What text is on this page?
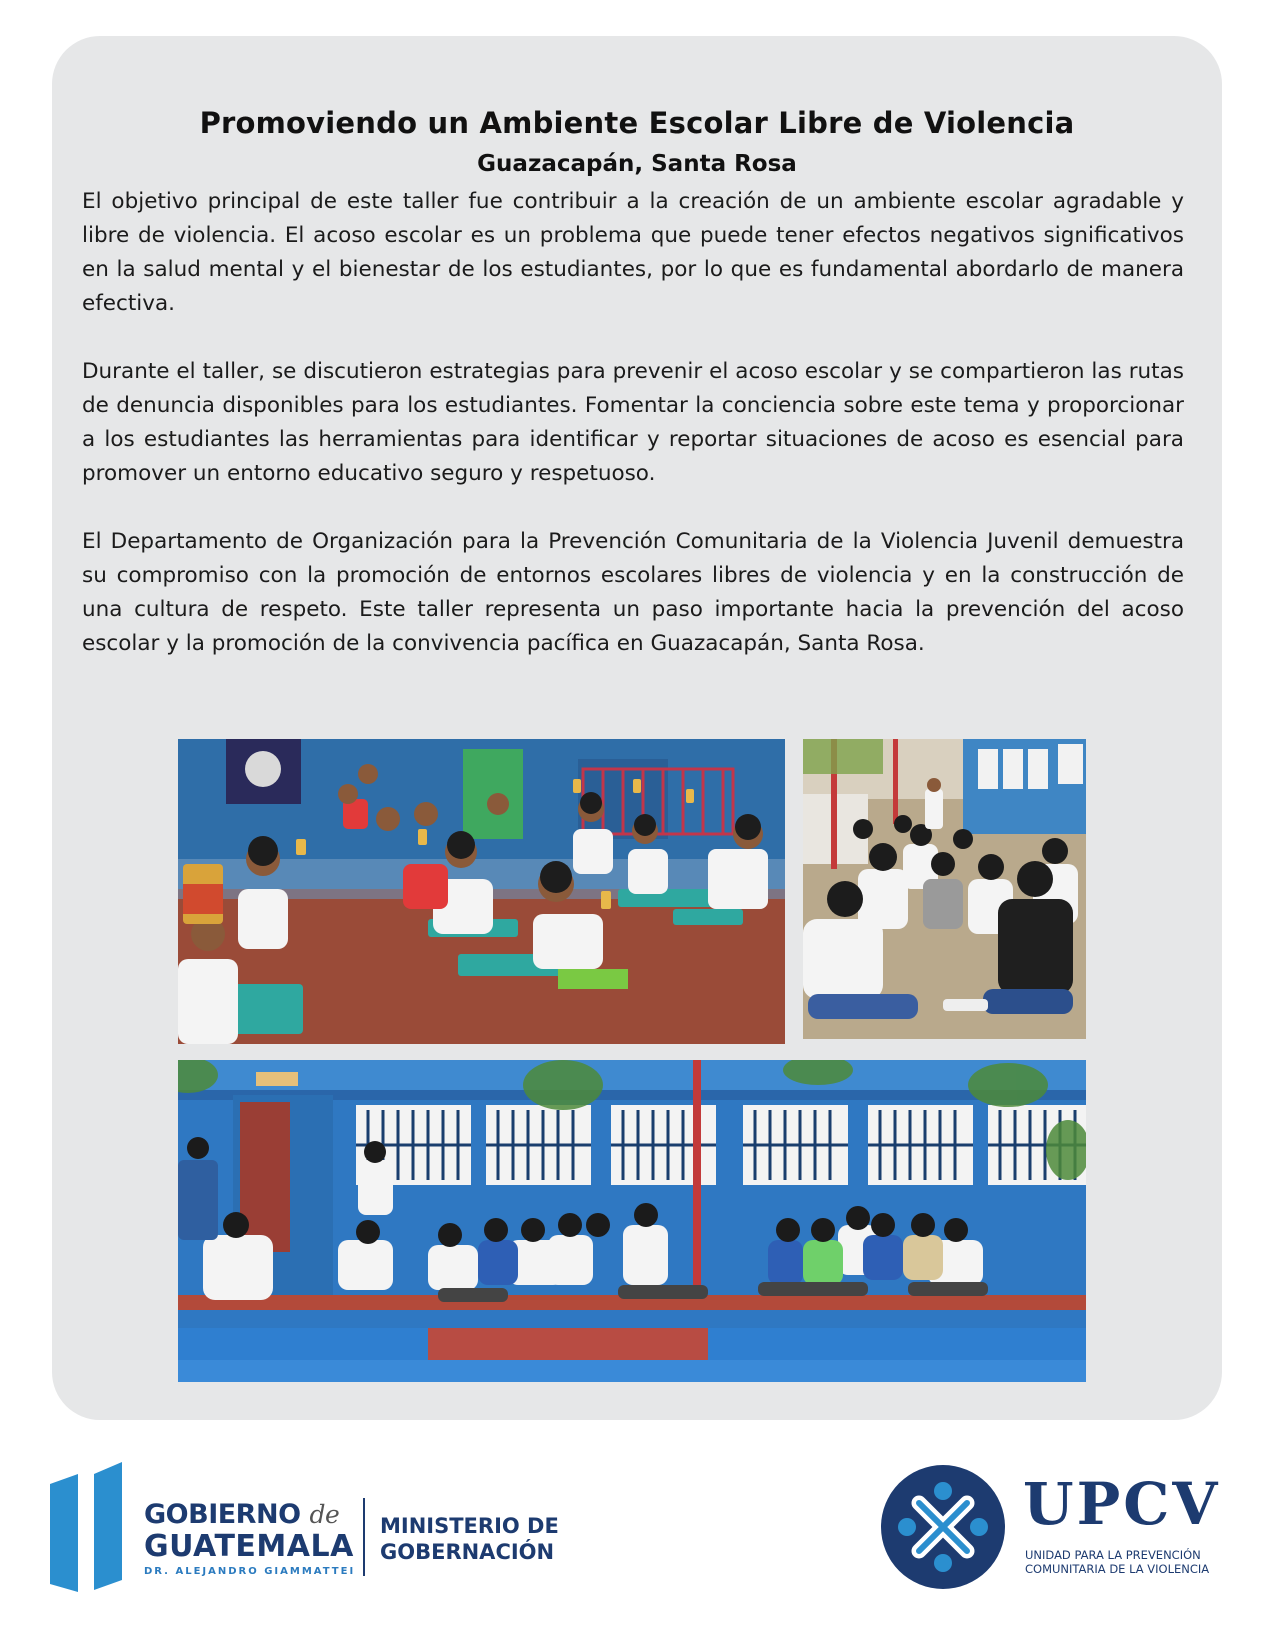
Promoviendo un Ambiente Escolar Libre de Violencia
Guazacapán, Santa Rosa

El objetivo principal de este taller fue contribuir a la creación de un ambiente escolar agradable y libre de violencia. El acoso escolar es un problema que puede tener efectos negativos significativos en la salud mental y el bienestar de los estudiantes, por lo que es fundamental abordarlo de manera efectiva.

Durante el taller, se discutieron estrategias para prevenir el acoso escolar y se compartieron las rutas de denuncia disponibles para los estudiantes. Fomentar la conciencia sobre este tema y proporcionar a los estudiantes las herramientas para identificar y reportar situaciones de acoso es esencial para promover un entorno educativo seguro y respetuoso.

El Departamento de Organización para la Prevención Comunitaria de la Violencia Juvenil demuestra su compromiso con la promoción de entornos escolares libres de violencia y en la construcción de una cultura de respeto. Este taller representa un paso importante hacia la prevención del acoso escolar y la promoción de la convivencia pacífica en Guazacapán, Santa Rosa.

GOBIERNO de
GUATEMALA
DR. ALEJANDRO GIAMMATTEI
MINISTERIO DE
GOBERNACIÓN
UPCV
UNIDAD PARA LA PREVENCIÓN
COMUNITARIA DE LA VIOLENCIA
